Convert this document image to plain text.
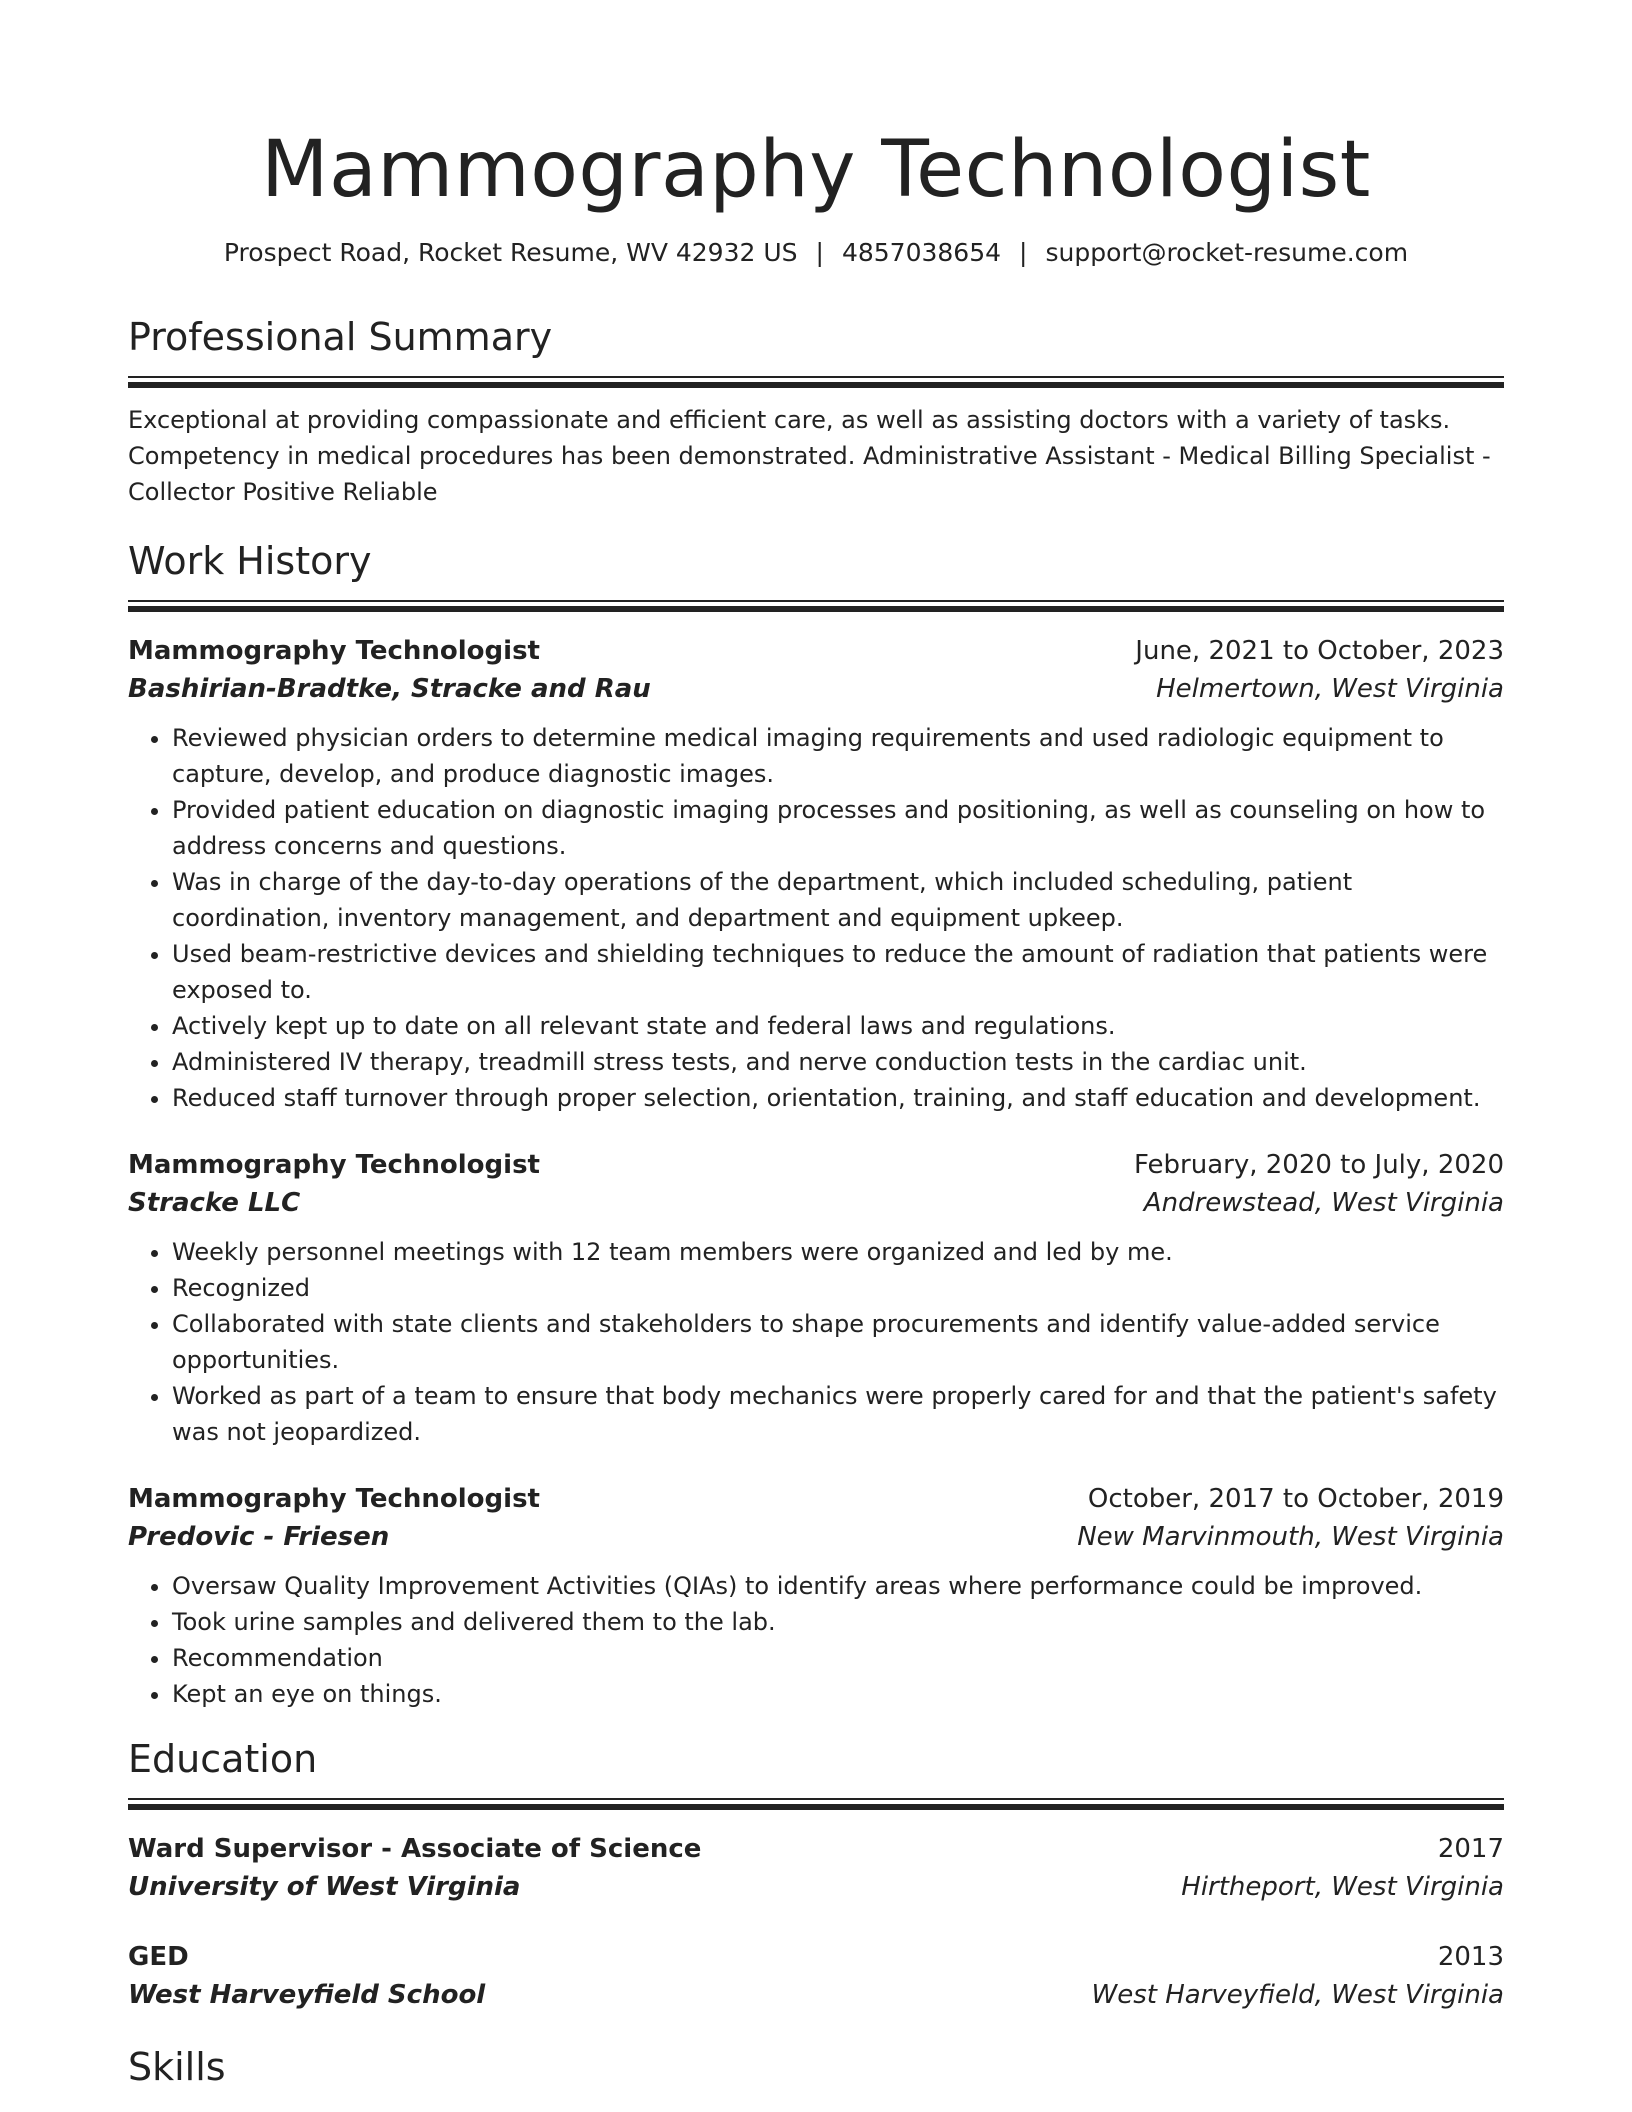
Mammography Technologist
Prospect Road, Rocket Resume, WV 42932 US | 4857038654 | support@rocket-resume.com
Professional Summary

Exceptional at providing compassionate and efficient care, as well as assisting doctors with a variety of tasks. Competency in medical procedures has been demonstrated. Administrative Assistant - Medical Billing Specialist - Collector Positive Reliable

Work History
Mammography Technologist	June, 2021 to October, 2023
Bashirian-Bradtke, Stracke and Rau	Helmertown, West Virginia
• Reviewed physician orders to determine medical imaging requirements and used radiologic equipment to capture, develop, and produce diagnostic images.
• Provided patient education on diagnostic imaging processes and positioning, as well as counseling on how to address concerns and questions.
• Was in charge of the day-to-day operations of the department, which included scheduling, patient coordination, inventory management, and department and equipment upkeep.
• Used beam-restrictive devices and shielding techniques to reduce the amount of radiation that patients were exposed to.
• Actively kept up to date on all relevant state and federal laws and regulations.
• Administered IV therapy, treadmill stress tests, and nerve conduction tests in the cardiac unit.
• Reduced staff turnover through proper selection, orientation, training, and staff education and development.
Mammography Technologist	February, 2020 to July, 2020
Stracke LLC	Andrewstead, West Virginia
• Weekly personnel meetings with 12 team members were organized and led by me.
• Recognized
• Collaborated with state clients and stakeholders to shape procurements and identify value-added service opportunities.
• Worked as part of a team to ensure that body mechanics were properly cared for and that the patient's safety was not jeopardized.
Mammography Technologist	October, 2017 to October, 2019
Predovic - Friesen	New Marvinmouth, West Virginia
• Oversaw Quality Improvement Activities (QIAs) to identify areas where performance could be improved.
• Took urine samples and delivered them to the lab.
• Recommendation
• Kept an eye on things.
Education
Ward Supervisor - Associate of Science	2017
University of West Virginia	Hirtheport, West Virginia
GED	2013
West Harveyfield School	West Harveyfield, West Virginia
Skills
